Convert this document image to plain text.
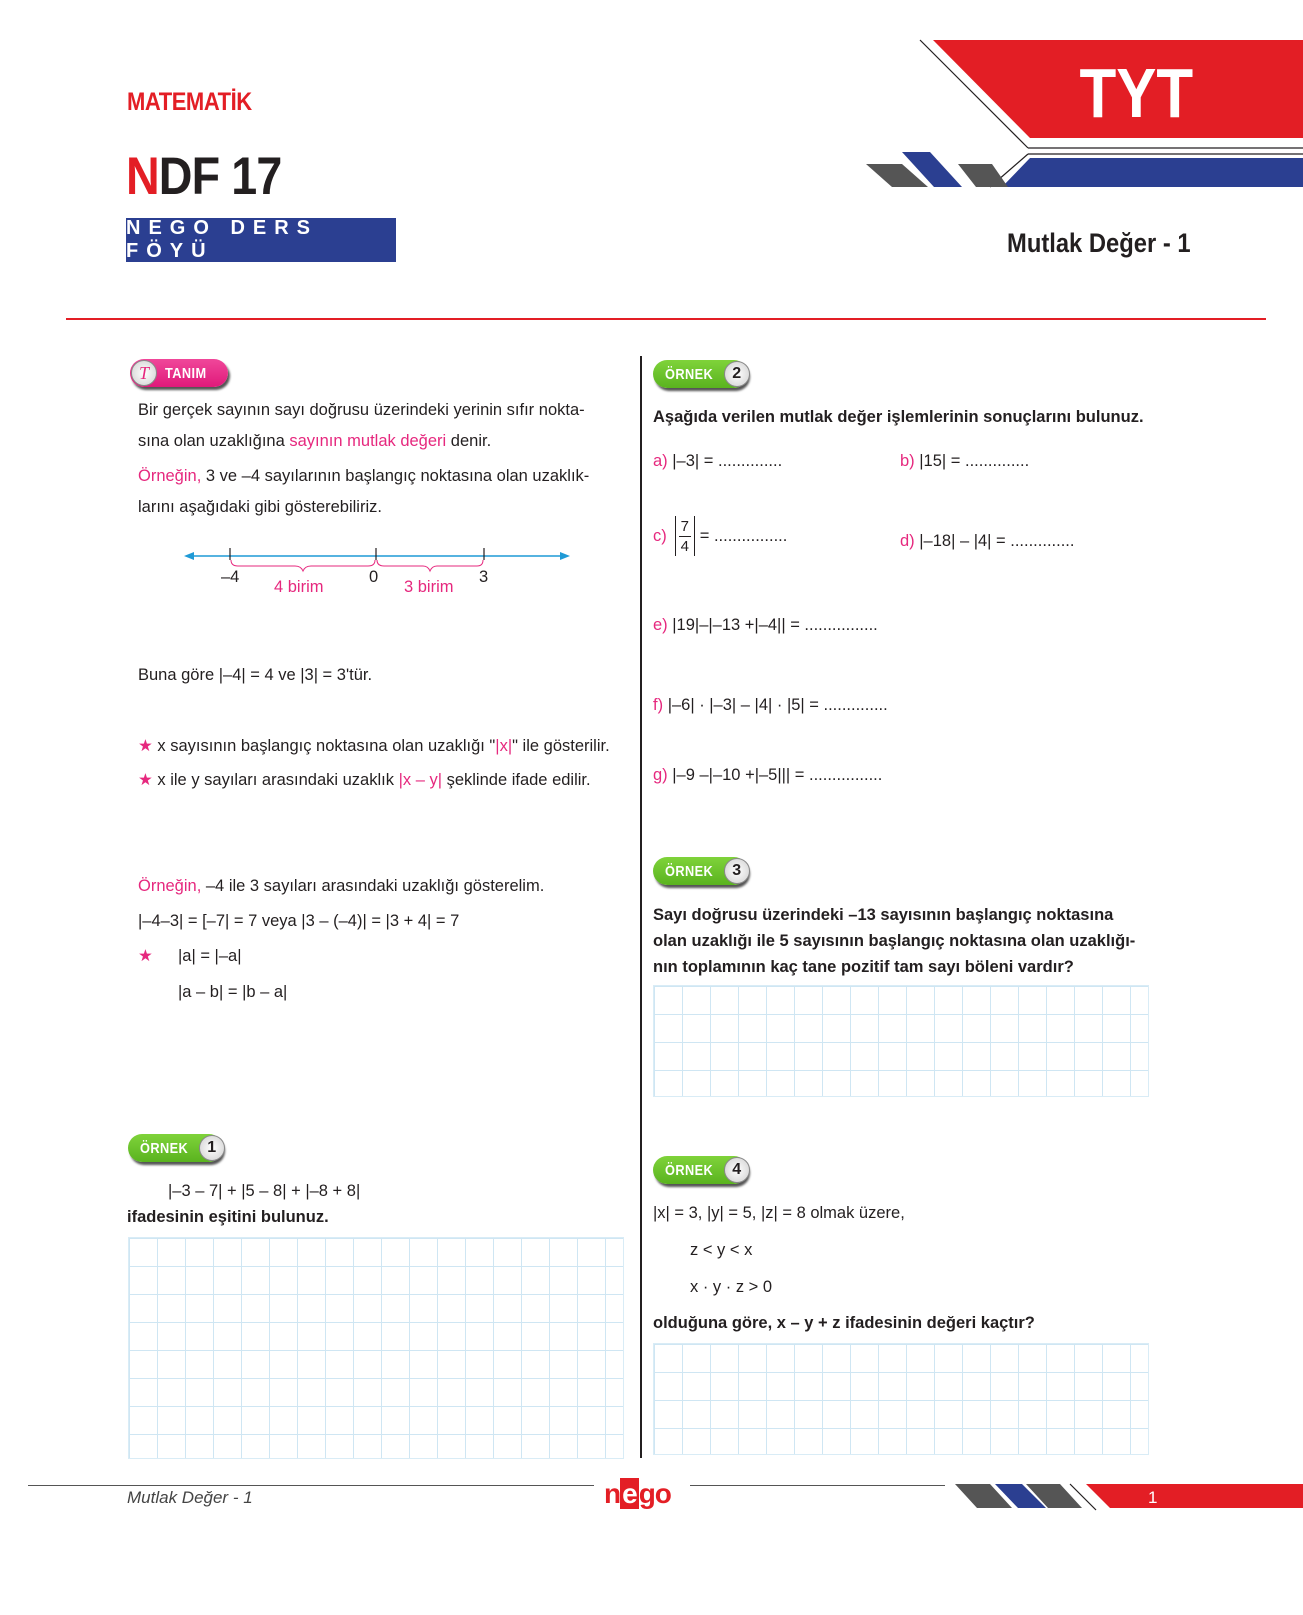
MATEMATİK
NDF 17
NEGO DERS FÖYÜ
TYT
Mutlak Değer - 1
T	TANIM
Bir gerçek sayının sayı doğrusu üzerindeki yerinin sıfır nokta-
sına olan uzaklığına sayının mutlak değeri denir.
Örneğin, 3 ve –4 sayılarının başlangıç noktasına olan uzaklık-
larını aşağıdaki gibi gösterebiliriz.
–4	0	3
4 birim	3 birim
Buna göre |–4| = 4 ve |3| = 3'tür.
★ x sayısının başlangıç noktasına olan uzaklığı "|x|" ile gösterilir.
★ x ile y sayıları arasındaki uzaklık |x – y| şeklinde ifade edilir.
Örneğin, –4 ile 3 sayıları arasındaki uzaklığı gösterelim.
|–4–3| = [–7| = 7 veya |3 – (–4)| = |3 + 4| = 7
★ |a| = |–a|
|a – b| = |b – a|
ÖRNEK	1
|–3 – 7| + |5 – 8| + |–8 + 8|
ifadesinin eşitini bulunuz.
ÖRNEK	2
Aşağıda verilen mutlak değer işlemlerinin sonuçlarını bulunuz.
a) |–3| = ..............	b) |15| = ..............
$c) \frac{7}{4}$ = ................	d) |–18| – |4| = ..............
e) |19|–|–13 +|–4|| = ................
f) |–6| · |–3| – |4| · |5| = ..............
g) |–9 –|–10 +|–5||| = ................
ÖRNEK	3
Sayı doğrusu üzerindeki –13 sayısının başlangıç noktasına
olan uzaklığı ile 5 sayısının başlangıç noktasına olan uzaklığı-
nın toplamının kaç tane pozitif tam sayı böleni vardır?
ÖRNEK	4
|x| = 3, |y| = 5, |z| = 8 olmak üzere,
z < y < x
x · y · z > 0
olduğuna göre, x – y + z ifadesinin değeri kaçtır?
Mutlak Değer - 1	nego	1
